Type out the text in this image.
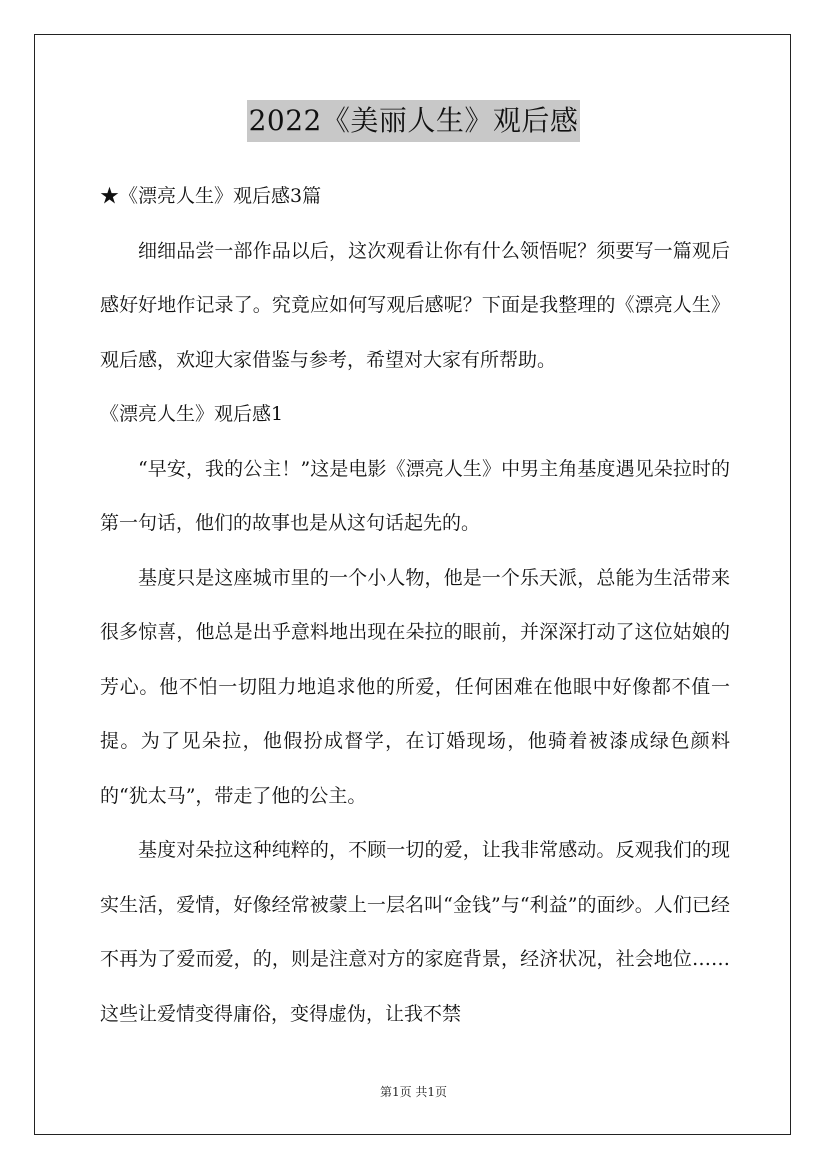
2022《美丽人生》观后感

★《漂亮人生》观后感3篇

细细品尝一部作品以后，这次观看让你有什么领悟呢？须要写一篇观后感好好地作记录了。究竟应如何写观后感呢？下面是我整理的《漂亮人生》观后感，欢迎大家借鉴与参考，希望对大家有所帮助。

《漂亮人生》观后感1

“早安，我的公主！”这是电影《漂亮人生》中男主角基度遇见朵拉时的第一句话，他们的故事也是从这句话起先的。

基度只是这座城市里的一个小人物，他是一个乐天派，总能为生活带来很多惊喜，他总是出乎意料地出现在朵拉的眼前，并深深打动了这位姑娘的芳心。他不怕一切阻力地追求他的所爱，任何困难在他眼中好像都不值一提。为了见朵拉，他假扮成督学，在订婚现场，他骑着被漆成绿色颜料的“犹太马”，带走了他的公主。

基度对朵拉这种纯粹的，不顾一切的爱，让我非常感动。反观我们的现实生活，爱情，好像经常被蒙上一层名叫“金钱”与“利益”的面纱。人们已经不再为了爱而爱，的，则是注意对方的家庭背景，经济状况，社会地位……这些让爱情变得庸俗，变得虚伪，让我不禁

第1页 共1页
